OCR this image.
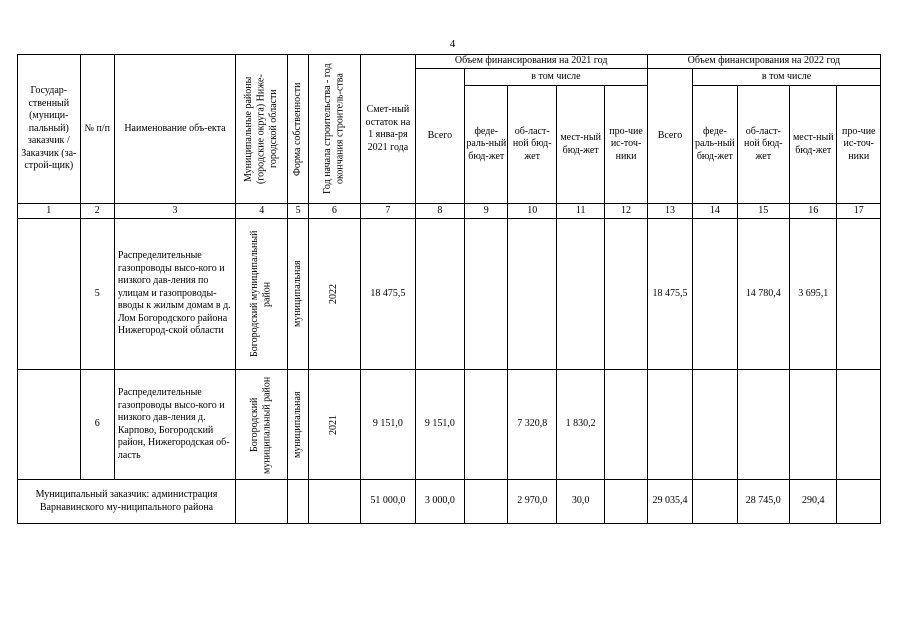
4
Государ-ственный (муници-пальный) заказчик / Заказчик (за-строй-щик)	№ п/п	Наименование объ-екта	Муниципальные районы (городские округа) Ниже-городской области	Форма собственности	Год начала строительства - год окончания строитель-ства	Смет-ный остаток на 1 янва-ря 2021 года	Объем финансирования на 2021 год					Объем финансирования на 2022 год				
							Всего	в том числе				Всего	в том числе			
								феде-раль-ный бюд-жет	об-ласт-ной бюд-жет	мест-ный бюд-жет	про-чие ис-точ-ники		феде-раль-ный бюд-жет	об-ласт-ной бюд-жет	мест-ный бюд-жет	про-чие ис-точ-ники
1	2	3	4	5	6	7	8	9	10	11	12	13	14	15	16	17
	5	Распределительные газопроводы высо-кого и низкого дав-ления по улицам и газопроводы-вводы к жилым домам в д. Лом Богородского района Нижегород-ской области	Богородский муниципальный район	муниципальная	2022	18 475,5						18 475,5		14 780,4	3 695,1	
	6	Распределительные газопроводы высо-кого и низкого дав-ления д. Карпово, Богородский район, Нижегородская об-ласть	Богородский муниципальный район	муниципальная	2021	9 151,0	9 151,0		7 320,8	1 830,2						
Муниципальный заказчик: администрация Варнавинского му-ниципального района						51 000,0	3 000,0		2 970,0	30,0		29 035,4		28 745,0	290,4	
